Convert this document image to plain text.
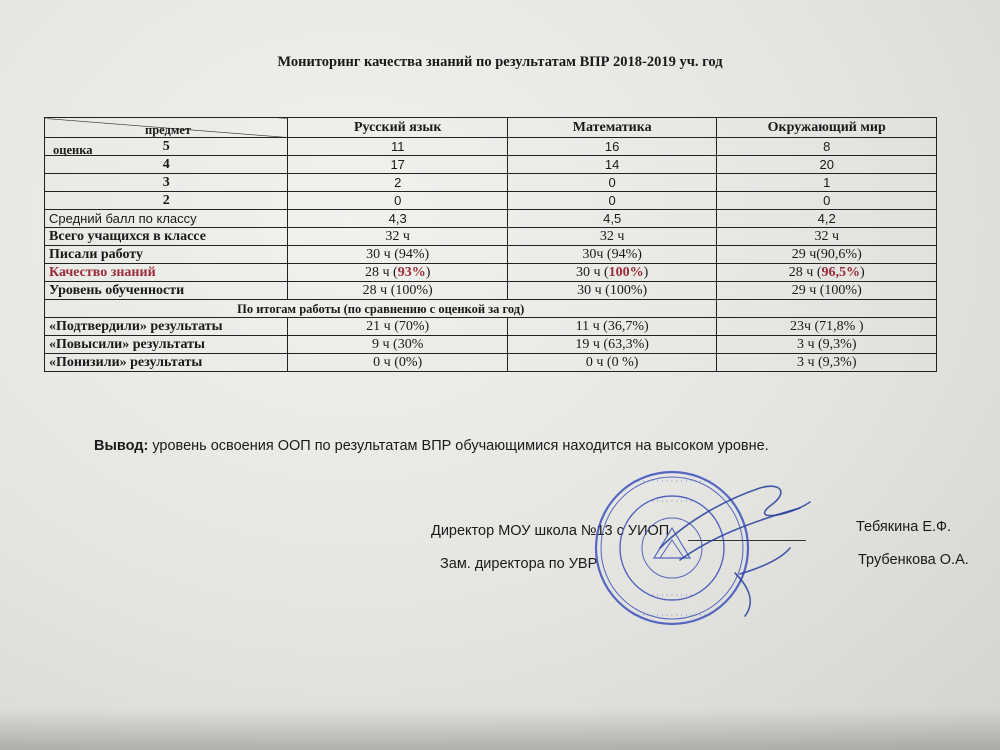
Мониторинг качества знаний по результатам ВПР 2018-2019 уч. год
предмет
оценка	Русский язык	Математика	Окружающий мир
5	11	16	8
4	17	14	20
3	2	0	1
2	0	0	0
Средний балл по классу	4,3	4,5	4,2
Всего учащихся в классе	32 ч	32 ч	32 ч
Писали работу	30 ч (94%)	30ч (94%)	29 ч(90,6%)
Качество знаний	28 ч (93%)	30 ч (100%)	28 ч (96,5%)
Уровень обученности	28 ч (100%)	30 ч (100%)	29 ч (100%)
По итогам работы (по сравнению с оценкой за год)			
«Подтвердили» результаты	21 ч (70%)	11 ч (36,7%)	23ч (71,8% )
«Повысили» результаты	9 ч (30%	19 ч (63,3%)	3 ч (9,3%)
«Понизили» результаты	0 ч (0%)	0 ч (0 %)	3 ч (9,3%)
Вывод: уровень освоения ООП по результатам ВПР обучающимися находится на высоком уровне.
Директор МОУ школа №13 с УИОП	Тебякина Е.Ф.
Зам. директора по УВР	Трубенкова О.А.
· · · · · · · · · · · · · · · · ·
· · · · · · · · · · · · · · · · ·
· · · · · · · · ·
· · · · · · · · ·
